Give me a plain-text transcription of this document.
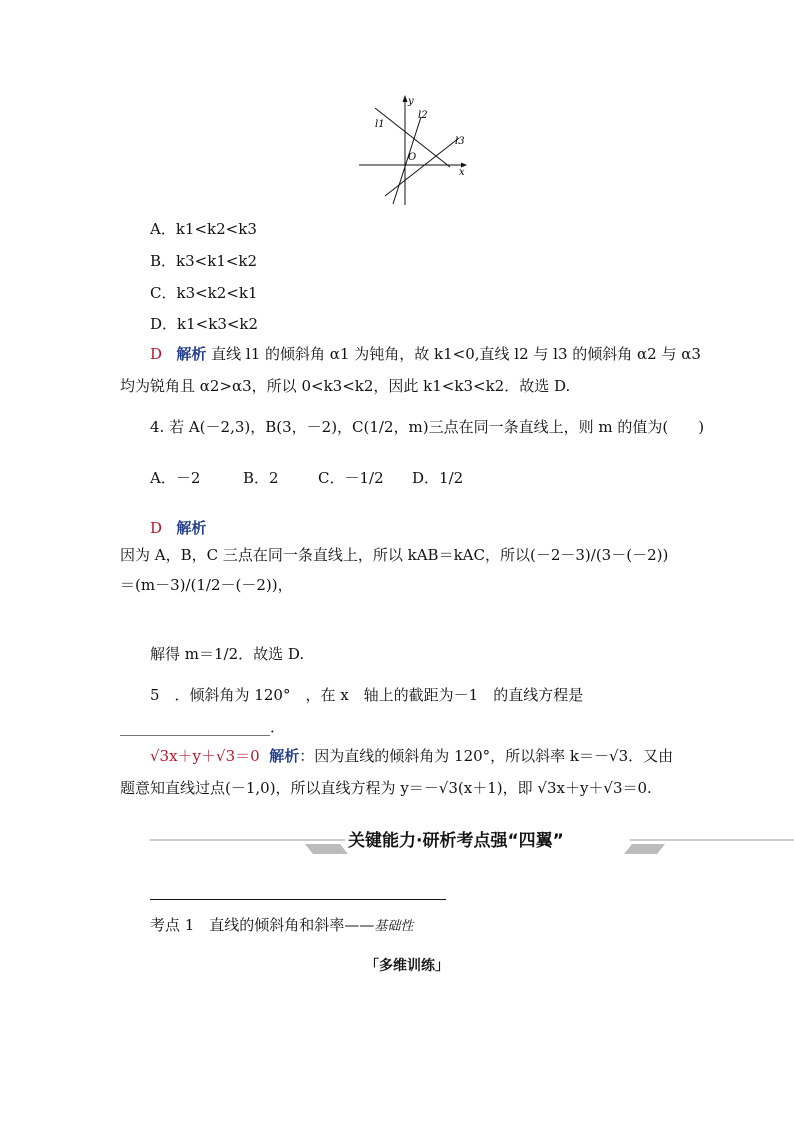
y
x
O
l1
l2
l3
A．k1<k2<k3
B．k3<k1<k2
C．k3<k2<k1
D．k1<k3<k2
D 解析 直线 l1 的倾斜角 α1 为钝角，故 k1<0,直线 l2 与 l3 的倾斜角 α2 与 α3
均为锐角且 α2>α3，所以 0<k3<k2，因此 k1<k3<k2．故选 D.
4. 若 A(－2,3)，B(3，－2)，C(1/2，m)三点在同一条直线上，则 m 的值为(　　)
A．－2	B．2	C．－1/2 D．1/2
D 解析
因为 A，B，C 三点在同一条直线上，所以 kAB＝kAC，所以(－2－3)/(3－(－2))＝(m－3)/(1/2－(－2))，
解得 m＝1/2．故选 D.
5　．倾斜角为 120°　，在 x　轴上的截距为－1　的直线方程是
____________________．
√3x＋y＋√3＝0 解析：因为直线的倾斜角为 120°，所以斜率 k＝－√3．又由
题意知直线过点(－1,0)，所以直线方程为 y＝－√3(x＋1)，即 √3x＋y＋√3＝0.
关键能力·研析考点强“四翼”
考点 1　直线的倾斜角和斜率——基础性
「多维训练」
